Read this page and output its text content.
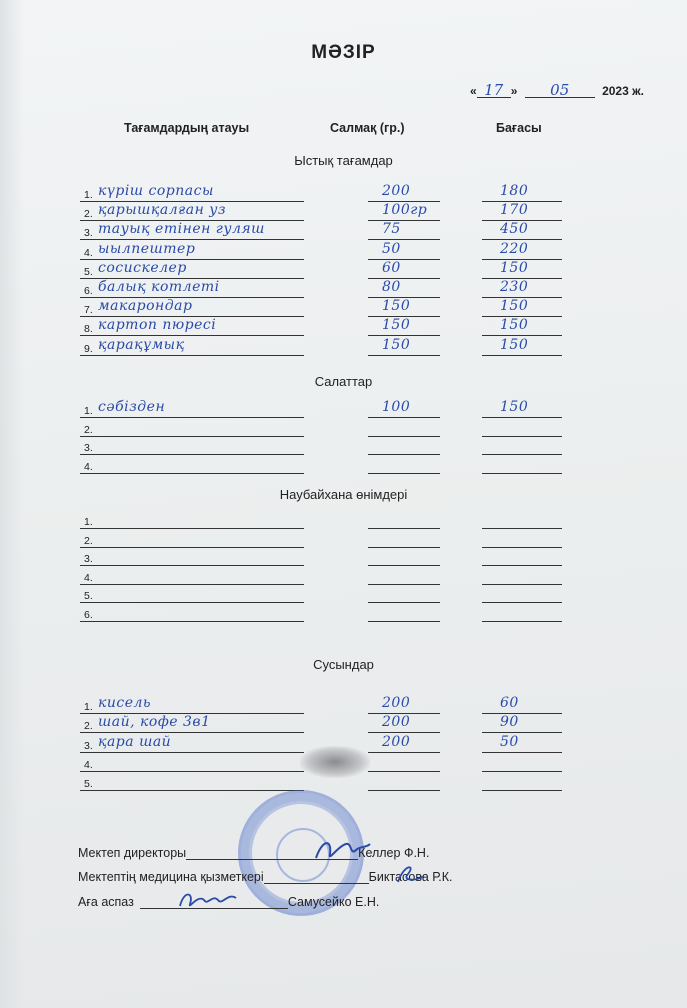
МӘЗІР
« 17 » 05	2023 ж.
Тағамдардың атауы	Салмақ (гр.)	Бағасы
Ыстық тағамдар
1. күріш сорпасы	200	180
2. қарышқалған уз	100гр	170
3. тауық етінен гуляш	75	450
4. ыылпештер	50	220
5. сосискелер	60	150
6. балық котлеті	80	230
7. макарондар	150	150
8. картоп пюресі	150	150
9. қарақұмық	150	150
Салаттар
1. сәбізден	100	150
2.
3.
4.
Наубайхана өнімдері
1.
2.
3.
4.
5.
6.
Сусындар
1. кисель	200	60
2. шай, кофе 3в1	200	90
3. қара шай	200	50
4.
5.
Мектеп директоры	Келлер Ф.Н.
Мектептің медицина қызметкері	Биктасова Р.К.
Аға аспаз	Самусейко Е.Н.
